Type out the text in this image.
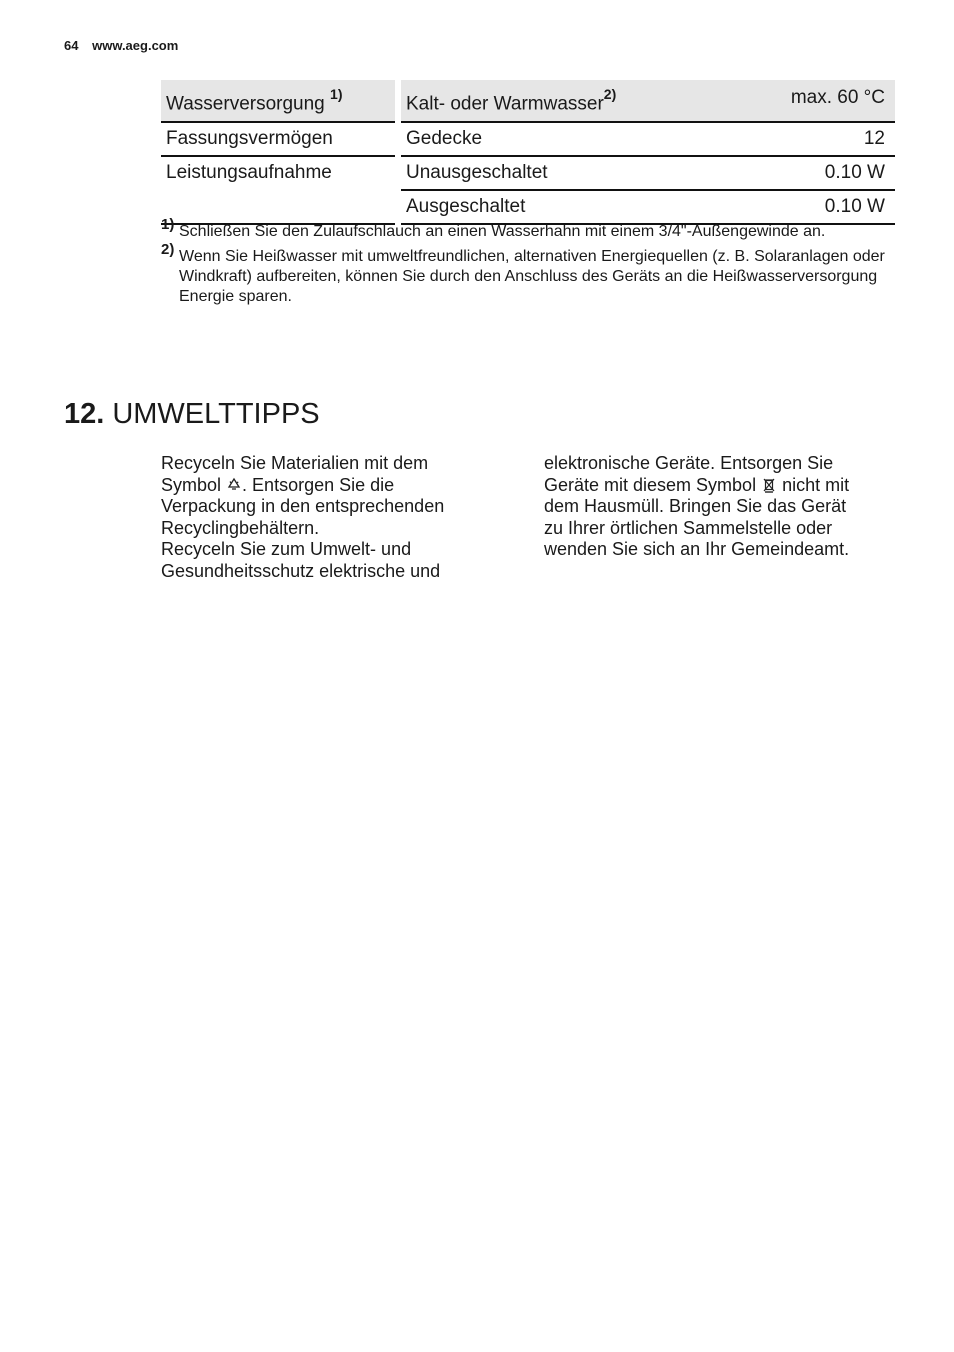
64 www.aeg.com
Wasserversorgung $^{1)}$	Kalt- oder Warmwasser$^{2)}$	max. 60 °C
Fassungsvermögen	Gedecke	12
Leistungsaufnahme	Unausgeschaltet	0.10 W
	Ausgeschaltet	0.10 W
1) Schließen Sie den Zulaufschlauch an einen Wasserhahn mit einem 3/4"-Außengewinde an.
2) Wenn Sie Heißwasser mit umweltfreundlichen, alternativen Energiequellen (z. B. Solaranlagen oder Windkraft) aufbereiten, können Sie durch den Anschluss des Geräts an die Heißwasserversorgung Energie sparen.
12. UMWELTTIPPS
Recyceln Sie Materialien mit dem Symbol . Entsorgen Sie die Verpackung in den entsprechenden Recyclingbehältern.
Recyceln Sie zum Umwelt- und Gesundheitsschutz elektrische und
elektronische Geräte. Entsorgen Sie Geräte mit diesem Symbol nicht mit dem Hausmüll. Bringen Sie das Gerät zu Ihrer örtlichen Sammelstelle oder wenden Sie sich an Ihr Gemeindeamt.
